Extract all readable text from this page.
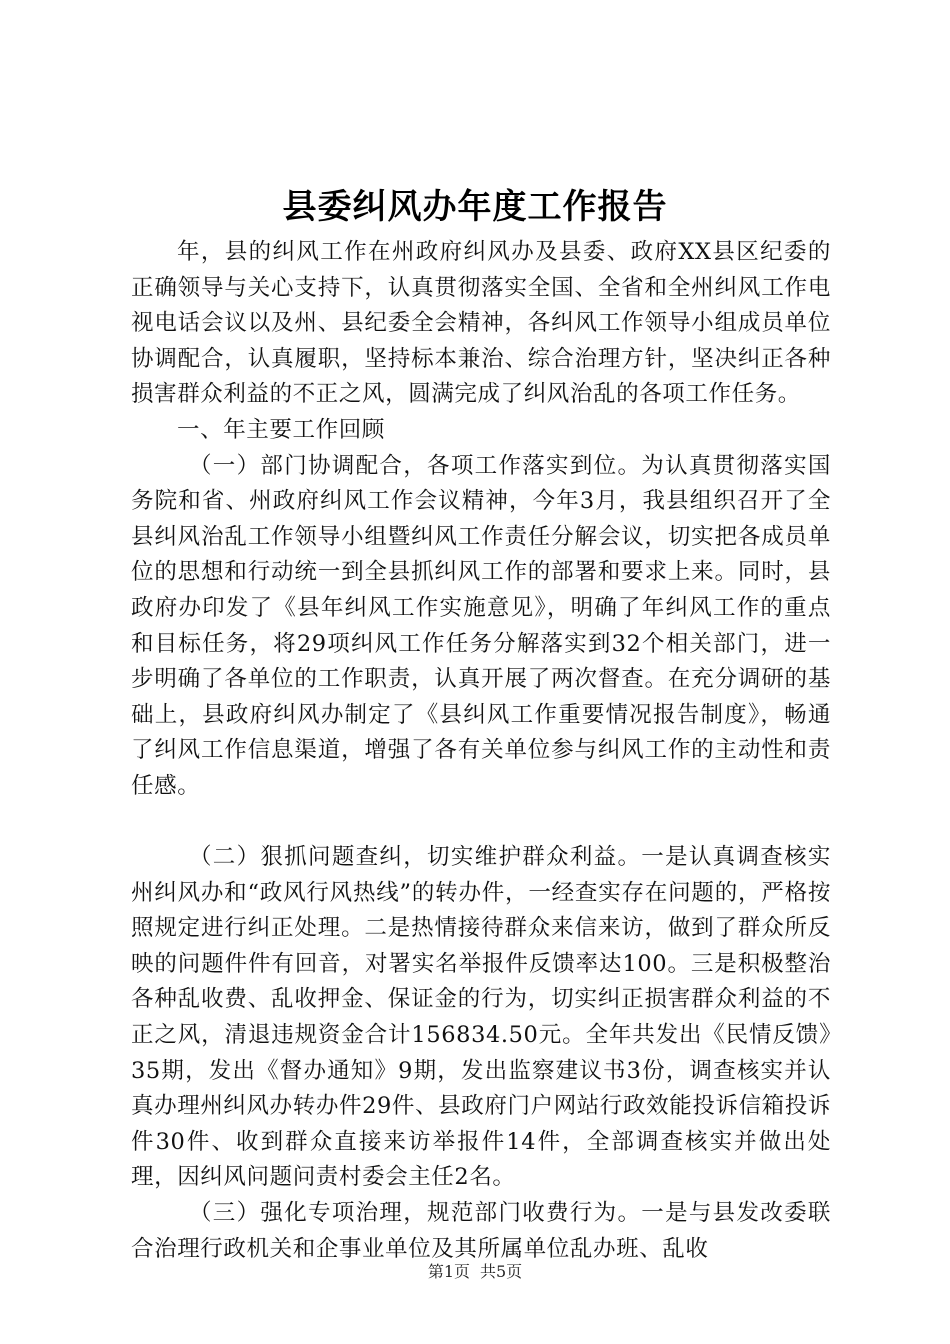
县委纠风办年度工作报告

年，县的纠风工作在州政府纠风办及县委、政府XX县区纪委的正确领导与关心支持下，认真贯彻落实全国、全省和全州纠风工作电视电话会议以及州、县纪委全会精神，各纠风工作领导小组成员单位协调配合，认真履职，坚持标本兼治、综合治理方针，坚决纠正各种损害群众利益的不正之风，圆满完成了纠风治乱的各项工作任务。

一、年主要工作回顾

（一）部门协调配合，各项工作落实到位。为认真贯彻落实国务院和省、州政府纠风工作会议精神，今年3月，我县组织召开了全县纠风治乱工作领导小组暨纠风工作责任分解会议，切实把各成员单位的思想和行动统一到全县抓纠风工作的部署和要求上来。同时，县政府办印发了《县年纠风工作实施意见》，明确了年纠风工作的重点和目标任务，将29项纠风工作任务分解落实到32个相关部门，进一步明确了各单位的工作职责，认真开展了两次督查。在充分调研的基础上，县政府纠风办制定了《县纠风工作重要情况报告制度》，畅通了纠风工作信息渠道，增强了各有关单位参与纠风工作的主动性和责任感。

（二）狠抓问题查纠，切实维护群众利益。一是认真调查核实州纠风办和“政风行风热线”的转办件，一经查实存在问题的，严格按照规定进行纠正处理。二是热情接待群众来信来访，做到了群众所反映的问题件件有回音，对署实名举报件反馈率达100。三是积极整治各种乱收费、乱收押金、保证金的行为，切实纠正损害群众利益的不正之风，清退违规资金合计156834.50元。全年共发出《民情反馈》35期，发出《督办通知》9期，发出监察建议书3份，调查核实并认真办理州纠风办转办件29件、县政府门户网站行政效能投诉信箱投诉件30件、收到群众直接来访举报件14件，全部调查核实并做出处理，因纠风问题问责村委会主任2名。

（三）强化专项治理，规范部门收费行为。一是与县发改委联合治理行政机关和企事业单位及其所属单位乱办班、乱收

第1页 共5页
